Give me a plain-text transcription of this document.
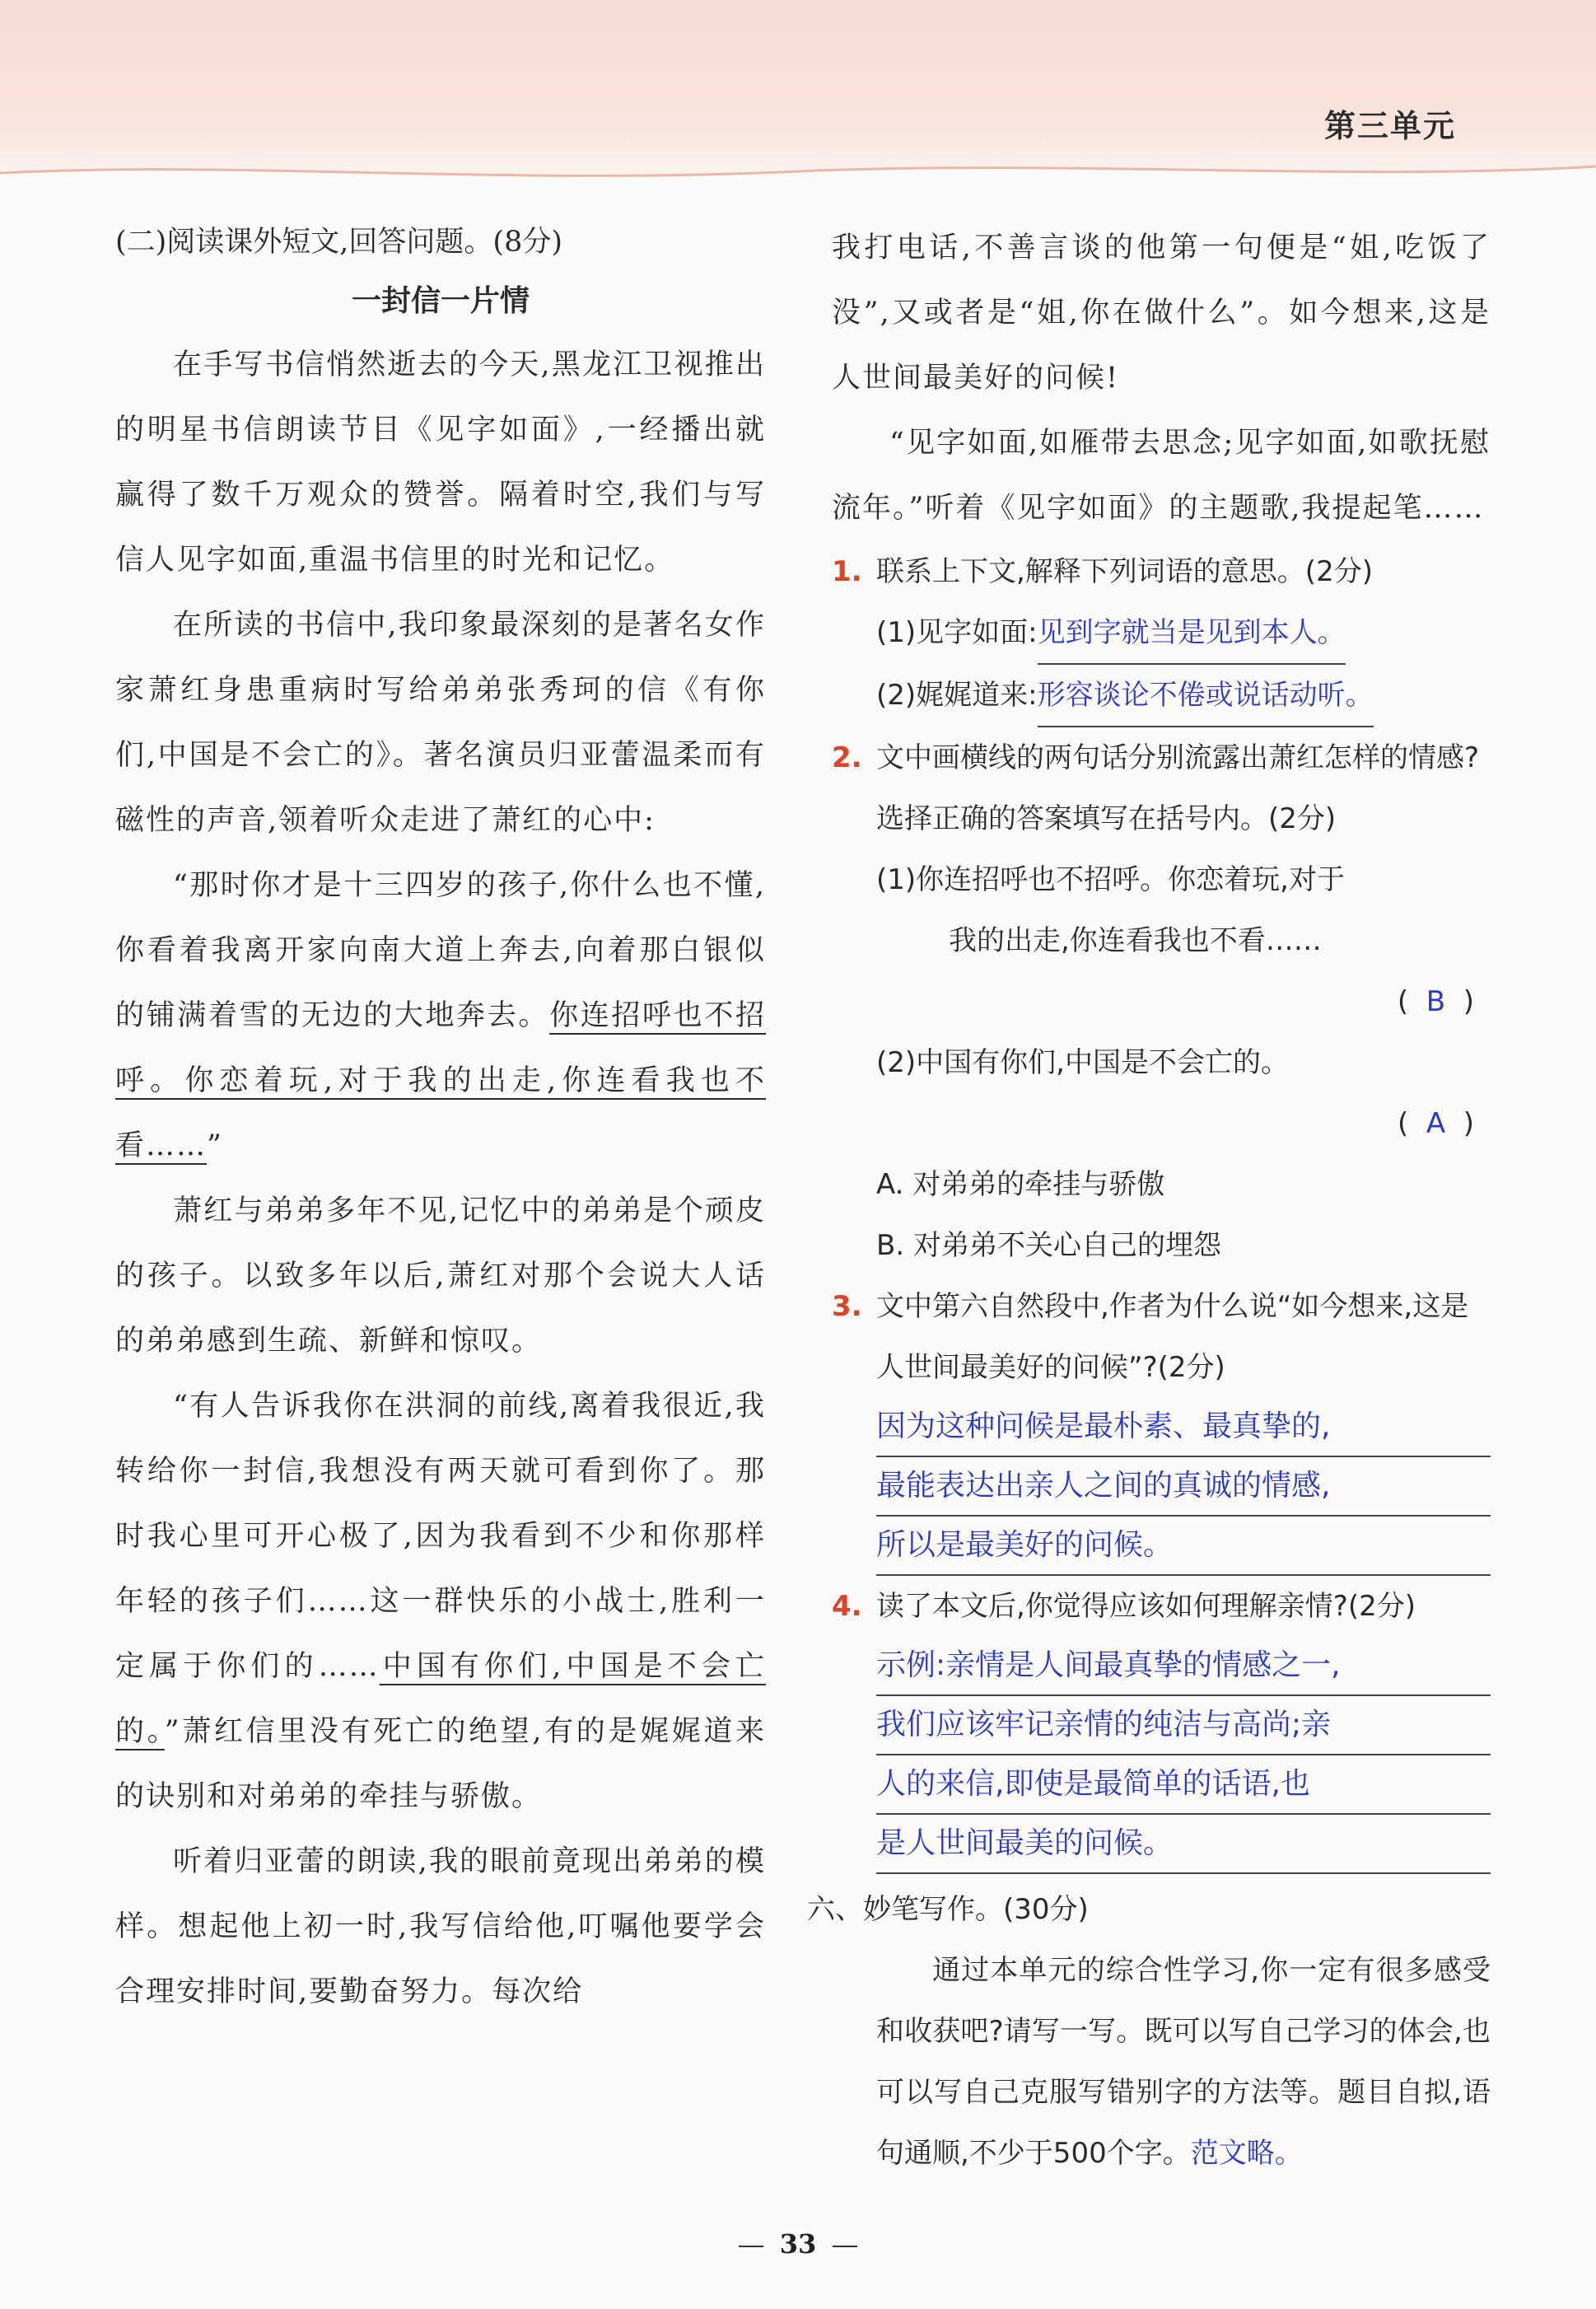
第三单元

(二)阅读课外短文,回答问题。(8分)

一封信一片情

在手写书信悄然逝去的今天,黑龙江卫视推出的明星书信朗读节目《见字如面》,一经播出就赢得了数千万观众的赞誉。隔着时空,我们与写信人见字如面,重温书信里的时光和记忆。

在所读的书信中,我印象最深刻的是著名女作家萧红身患重病时写给弟弟张秀珂的信《有你们,中国是不会亡的》。著名演员归亚蕾温柔而有磁性的声音,领着听众走进了萧红的心中:

“那时你才是十三四岁的孩子,你什么也不懂,你看着我离开家向南大道上奔去,向着那白银似的铺满着雪的无边的大地奔去。你连招呼也不招呼。你恋着玩,对于我的出走,你连看我也不看……”

萧红与弟弟多年不见,记忆中的弟弟是个顽皮的孩子。以致多年以后,萧红对那个会说大人话的弟弟感到生疏、新鲜和惊叹。

“有人告诉我你在洪洞的前线,离着我很近,我转给你一封信,我想没有两天就可看到你了。那时我心里可开心极了,因为我看到不少和你那样年轻的孩子们……这一群快乐的小战士,胜利一定属于你们的……中国有你们,中国是不会亡的。”萧红信里没有死亡的绝望,有的是娓娓道来的诀别和对弟弟的牵挂与骄傲。

听着归亚蕾的朗读,我的眼前竟现出弟弟的模样。想起他上初一时,我写信给他,叮嘱他要学会合理安排时间,要勤奋努力。每次给

我打电话,不善言谈的他第一句便是“姐,吃饭了没”,又或者是“姐,你在做什么”。如今想来,这是人世间最美好的问候!

“见字如面,如雁带去思念;见字如面,如歌抚慰流年。”听着《见字如面》的主题歌,我提起笔……

1. 联系上下文,解释下列词语的意思。(2分)

(1)见字如面:见到字就当是见到本人。

(2)娓娓道来:形容谈论不倦或说话动听。

2. 文中画横线的两句话分别流露出萧红怎样的情感?选择正确的答案填写在括号内。(2分)

(1)你连招呼也不招呼。你恋着玩,对于

我的出走,你连看我也不看……

(  B  )

(2)中国有你们,中国是不会亡的。

(  A  )

A. 对弟弟的牵挂与骄傲

B. 对弟弟不关心自己的埋怨

3. 文中第六自然段中,作者为什么说“如今想来,这是人世间最美好的问候”?(2分)

因为这种问候是最朴素、最真挚的,
最能表达出亲人之间的真诚的情感,
所以是最美好的问候。

4. 读了本文后,你觉得应该如何理解亲情?(2分)

示例:亲情是人间最真挚的情感之一,
我们应该牢记亲情的纯洁与高尚;亲
人的来信,即使是最简单的话语,也
是人世间最美的问候。

六、妙笔写作。(30分)

通过本单元的综合性学习,你一定有很多感受和收获吧?请写一写。既可以写自己学习的体会,也可以写自己克服写错别字的方法等。题目自拟,语句通顺,不少于500个字。范文略。

33
